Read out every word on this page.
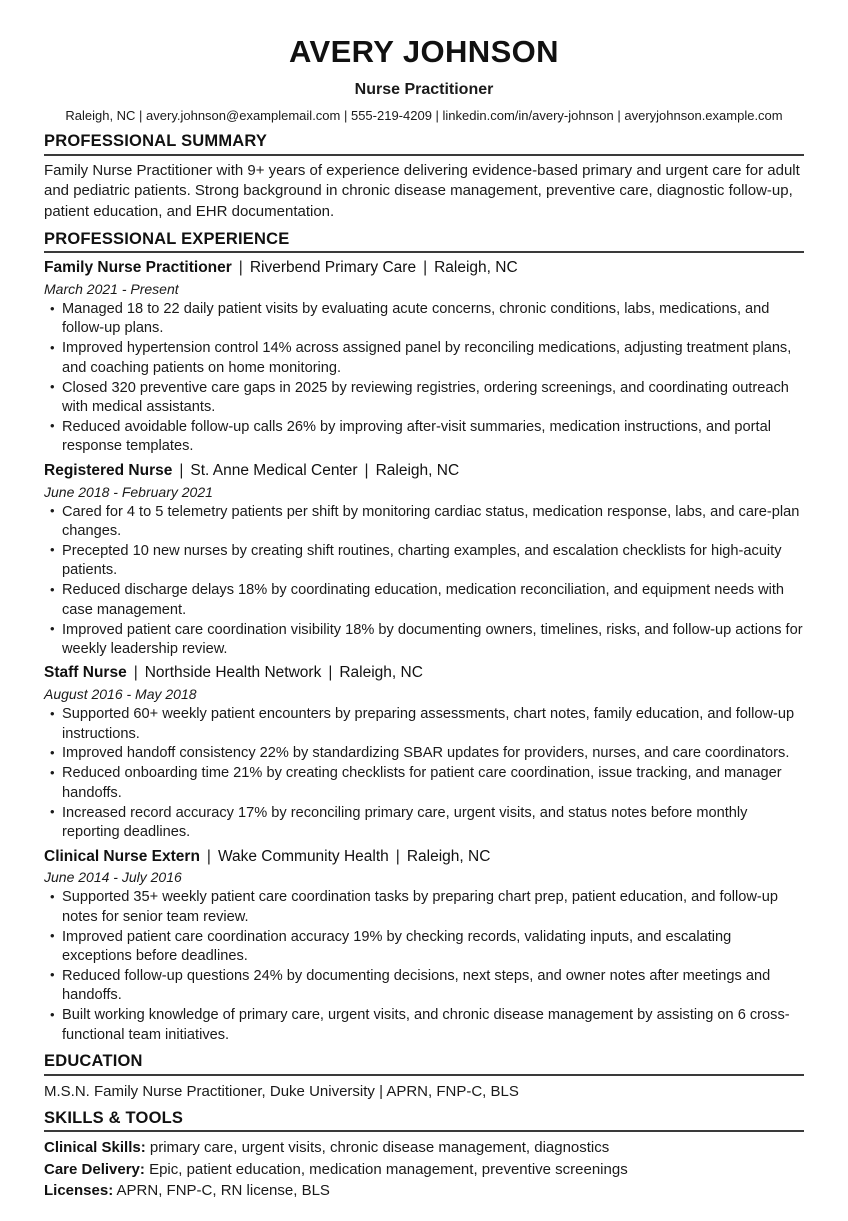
AVERY JOHNSON
Nurse Practitioner
Raleigh, NC | avery.johnson@examplemail.com | 555-219-4209 | linkedin.com/in/avery-johnson | averyjohnson.example.com
PROFESSIONAL SUMMARY

Family Nurse Practitioner with 9+ years of experience delivering evidence-based primary and urgent care for adult and pediatric patients. Strong background in chronic disease management, preventive care, diagnostic follow-up, patient education, and EHR documentation.

PROFESSIONAL EXPERIENCE
Family Nurse Practitioner | Riverbend Primary Care | Raleigh, NC
March 2021 - Present
• Managed 18 to 22 daily patient visits by evaluating acute concerns, chronic conditions, labs, medications, and follow-up plans.
• Improved hypertension control 14% across assigned panel by reconciling medications, adjusting treatment plans, and coaching patients on home monitoring.
• Closed 320 preventive care gaps in 2025 by reviewing registries, ordering screenings, and coordinating outreach with medical assistants.
• Reduced avoidable follow-up calls 26% by improving after-visit summaries, medication instructions, and portal response templates.
Registered Nurse | St. Anne Medical Center | Raleigh, NC
June 2018 - February 2021
• Cared for 4 to 5 telemetry patients per shift by monitoring cardiac status, medication response, labs, and care-plan changes.
• Precepted 10 new nurses by creating shift routines, charting examples, and escalation checklists for high-acuity patients.
• Reduced discharge delays 18% by coordinating education, medication reconciliation, and equipment needs with case management.
• Improved patient care coordination visibility 18% by documenting owners, timelines, risks, and follow-up actions for weekly leadership review.
Staff Nurse | Northside Health Network | Raleigh, NC
August 2016 - May 2018
• Supported 60+ weekly patient encounters by preparing assessments, chart notes, family education, and follow-up instructions.
• Improved handoff consistency 22% by standardizing SBAR updates for providers, nurses, and care coordinators.
• Reduced onboarding time 21% by creating checklists for patient care coordination, issue tracking, and manager handoffs.
• Increased record accuracy 17% by reconciling primary care, urgent visits, and status notes before monthly reporting deadlines.
Clinical Nurse Extern | Wake Community Health | Raleigh, NC
June 2014 - July 2016
• Supported 35+ weekly patient care coordination tasks by preparing chart prep, patient education, and follow-up notes for senior team review.
• Improved patient care coordination accuracy 19% by checking records, validating inputs, and escalating exceptions before deadlines.
• Reduced follow-up questions 24% by documenting decisions, next steps, and owner notes after meetings and handoffs.
• Built working knowledge of primary care, urgent visits, and chronic disease management by assisting on 6 cross-functional team initiatives.
EDUCATION

M.S.N. Family Nurse Practitioner, Duke University | APRN, FNP-C, BLS

SKILLS & TOOLS

Clinical Skills: primary care, urgent visits, chronic disease management, diagnostics

Care Delivery: Epic, patient education, medication management, preventive screenings

Licenses: APRN, FNP-C, RN license, BLS
